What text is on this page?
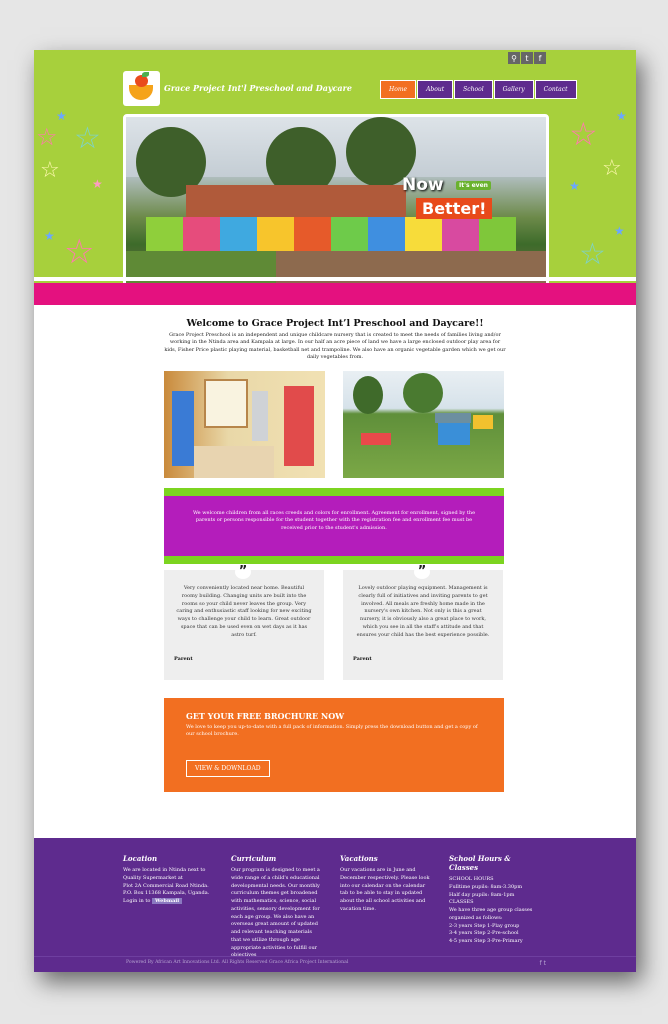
☆ ☆
★
☆
★
☆
★
☆
☆
★
★
☆
★
⚲	t	f
Grace Project Int'l Preschool and Daycare	Home	About	School	Gallery	Contact
Now	It's even
Better!
Welcome to Grace Project Int’l Preschool and Daycare!!
Grace Project Preschool is an independent and unique childcare nursery that is created to meet the needs of families living and/or working in the Ntinda area and Kampala at large. In our half an acre piece of land we have a large enclosed outdoor play area for kids, Fisher Price plastic playing material, basketball net and trampoline. We also have an organic vegetable garden which we get our daily vegetables from.

We welcome children from all races creeds and colors for enrollment. Agreement for enrollment, signed by the parents or persons responsible for the student together with the registration fee and enrollment fee must be received prior to the student's admission.

”

Very conveniently located near home. Beautiful roomy building. Changing units are built into the rooms so your child never leaves the group. Very caring and enthusiastic staff looking for new exciting ways to challenge your child to learn. Great outdoor space that can be used even on wet days as it has astro turf.

Parent
”

Lovely outdoor playing equipment. Management is clearly full of initiatives and inviting parents to get involved. All meals are freshly home made in the nursery's own kitchen. Not only is this a great nursery, it is obviously also a great place to work, which you see in all the staff's attitude and that ensures your child has the best experience possible.

Parent
GET YOUR FREE BROCHURE NOW
We love to keep you up-to-date with a full pack of information. Simply press the download button and get a copy of our school brochure.
VIEW & DOWNLOAD
Location

We are located in Ntinda next to Quality Supermarket at

Plot 2A Commercial Road Ntinda.

P.O. Box 11368 Kampala, Uganda.

Login in to Webmail

Curriculum

Our program is designed to meet a wide range of a child's educational developmental needs. Our monthly curriculum themes get broadened with mathematics, science, social activities, sensory development for each age group. We also have an overseas great amount of updated and relevant teaching materials that we utilize through age appropriate activities to fulfill our objectives

Vacations

Our vacations are in June and December respectively. Please look into our calendar on the calendar tab to be able to stay in updated about the all school activities and vacation time.

School Hours & Classes

SCHOOL HOURS

Fulltime pupils: 8am-3.30pm

Half day pupils: 8am-1pm

CLASSES

We have three age group classes organized as follows:

2-3 years Step 1-Play group

3-4 years Step 2-Pre-school

4-5 years Step 3-Pre-Primary

Powered By African Art Innovations Ltd. All Rights Reserved Grace Africa Project International	f t
